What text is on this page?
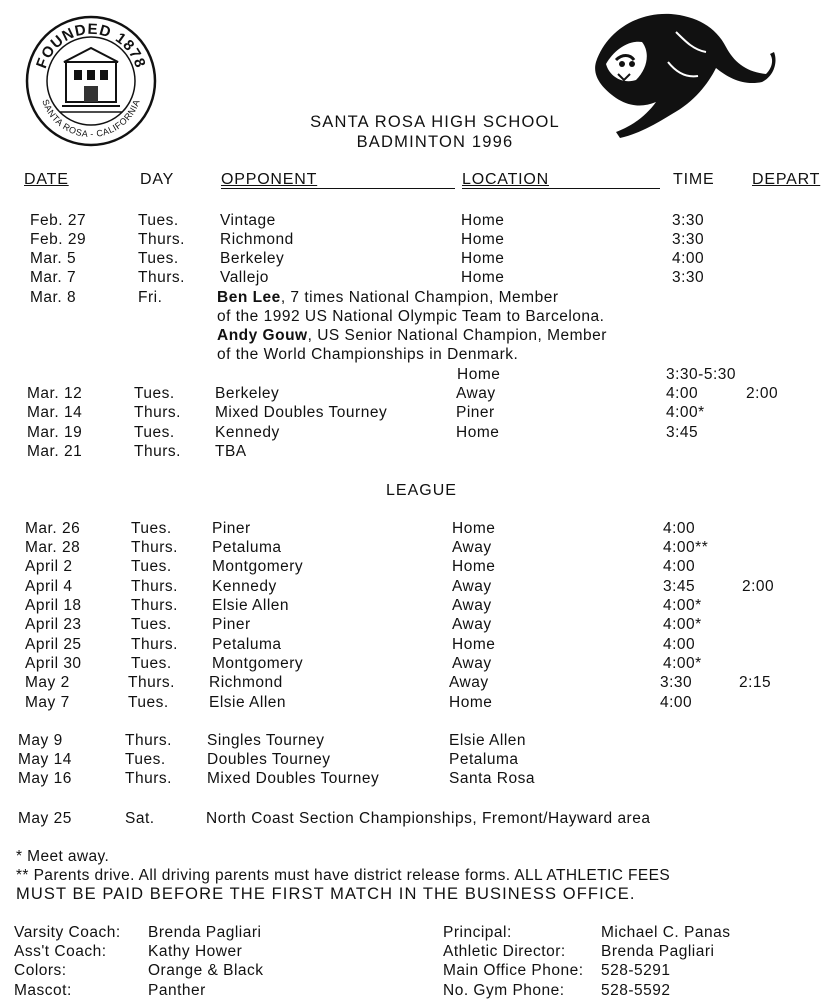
FOUNDED 1878
SANTA ROSA - CALIFORNIA
SANTA ROSA HIGH SCHOOL
BADMINTON 1996
DATE	DAY	OPPONENT	LOCATION	TIME DEPART
Feb. 27	Tues.	Vintage	Home	3:30
Feb. 29	Thurs. Richmond	Home	3:30
Mar. 5	Tues.	Berkeley	Home	4:00
Mar. 7	Thurs. Vallejo	Home	3:30
Mar. 8	Fri.	Ben Lee, 7 times National Champion, Member
of the 1992 US National Olympic Team to Barcelona.
Andy Gouw, US Senior National Champion, Member
of the World Championships in Denmark.
Home	3:30-5:30
Mar. 12	Tues.	Berkeley	Away	4:00	2:00
Mar. 14	Thurs. Mixed Doubles Tourney	Piner	4:00*
Mar. 19	Tues.	Kennedy	Home	3:45
Mar. 21	Thurs. TBA
LEAGUE
Mar. 26	Tues.	Piner	Home	4:00
Mar. 28	Thurs. Petaluma	Away	4:00**
April 2	Tues.	Montgomery	Home	4:00
April 4	Thurs. Kennedy	Away	3:45	2:00
April 18	Thurs. Elsie Allen	Away	4:00*
April 23	Tues.	Piner	Away	4:00*
April 25	Thurs. Petaluma	Home	4:00
April 30	Tues.	Montgomery	Away	4:00*
May 2	Thurs. Richmond	Away	3:30	2:15
May 7	Tues.	Elsie Allen	Home	4:00
May 9	Thurs. Singles Tourney	Elsie Allen
May 14	Tues.	Doubles Tourney	Petaluma
May 16	Thurs. Mixed Doubles Tourney	Santa Rosa
May 25	Sat.	North Coast Section Championships, Fremont/Hayward area
* Meet away.
** Parents drive. All driving parents must have district release forms. ALL ATHLETIC FEES
MUST BE PAID BEFORE THE FIRST MATCH IN THE BUSINESS OFFICE.
Varsity Coach: Brenda Pagliari
Ass't Coach:	Kathy Hower
Colors:	Orange & Black
Mascot:	Panther
Principal:	Michael C. Panas
Athletic Director: Brenda Pagliari
Main Office Phone: 528-5291
No. Gym Phone: 528-5592
